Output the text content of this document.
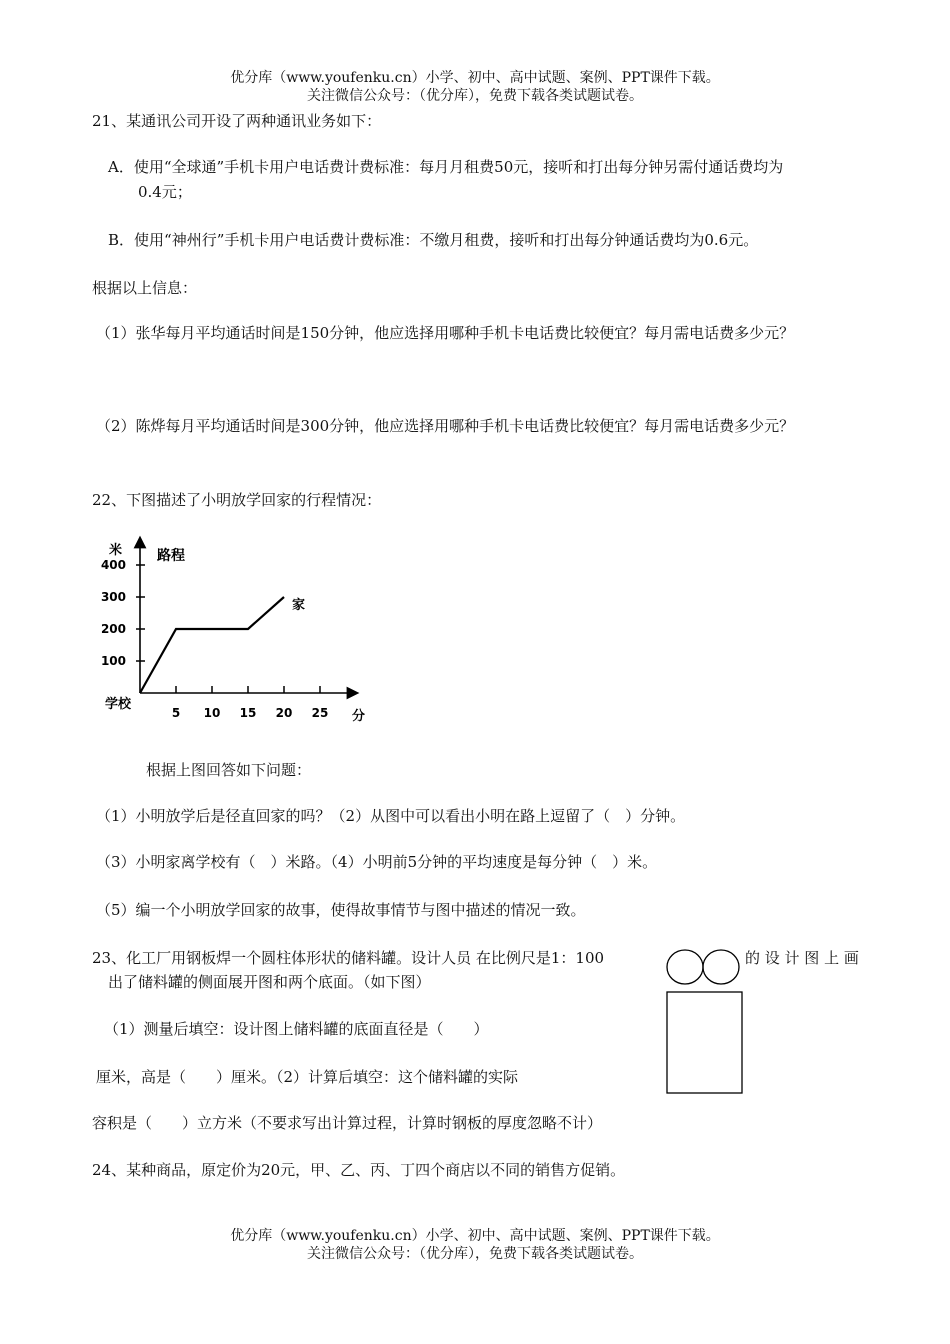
优分库（www.youfenku.cn）小学、初中、高中试题、案例、PPT课件下载。
关注微信公众号：（优分库），免费下载各类试题试卷。
21、某通讯公司开设了两种通讯业务如下：
A．使用“全球通”手机卡用户电话费计费标准：每月月租费50元，接听和打出每分钟另需付通话费均为
0.4元；
B．使用“神州行”手机卡用户电话费计费标准：不缴月租费，接听和打出每分钟通话费均为0.6元。
根据以上信息：
（1）张华每月平均通话时间是150分钟，他应选择用哪种手机卡电话费比较便宜？每月需电话费多少元？
（2）陈烨每月平均通话时间是300分钟，他应选择用哪种手机卡电话费比较便宜？每月需电话费多少元？
22、下图描述了小明放学回家的行程情况：
5 10 15 20 25
100
200
300
400
米 路程
分
学校
家
根据上图回答如下问题：
（1）小明放学后是径直回家的吗？（2）从图中可以看出小明在路上逗留了（　）分钟。
（3）小明家离学校有（　）米路。（4）小明前5分钟的平均速度是每分钟（　）米。
（5）编一个小明放学回家的故事，使得故事情节与图中描述的情况一致。
23、化工厂用钢板焊一个圆柱体形状的储料罐。设计人员 在比例尺是1：100	的 设 计 图 上 画
出了储料罐的侧面展开图和两个底面。（如下图）
（1）测量后填空：设计图上储料罐的底面直径是（　　）
厘米，高是（　　）厘米。（2）计算后填空：这个储料罐的实际
容积是（　　）立方米（不要求写出计算过程，计算时钢板的厚度忽略不计）
24、某种商品，原定价为20元，甲、乙、丙、丁四个商店以不同的销售方促销。
优分库（www.youfenku.cn）小学、初中、高中试题、案例、PPT课件下载。
关注微信公众号：（优分库），免费下载各类试题试卷。
